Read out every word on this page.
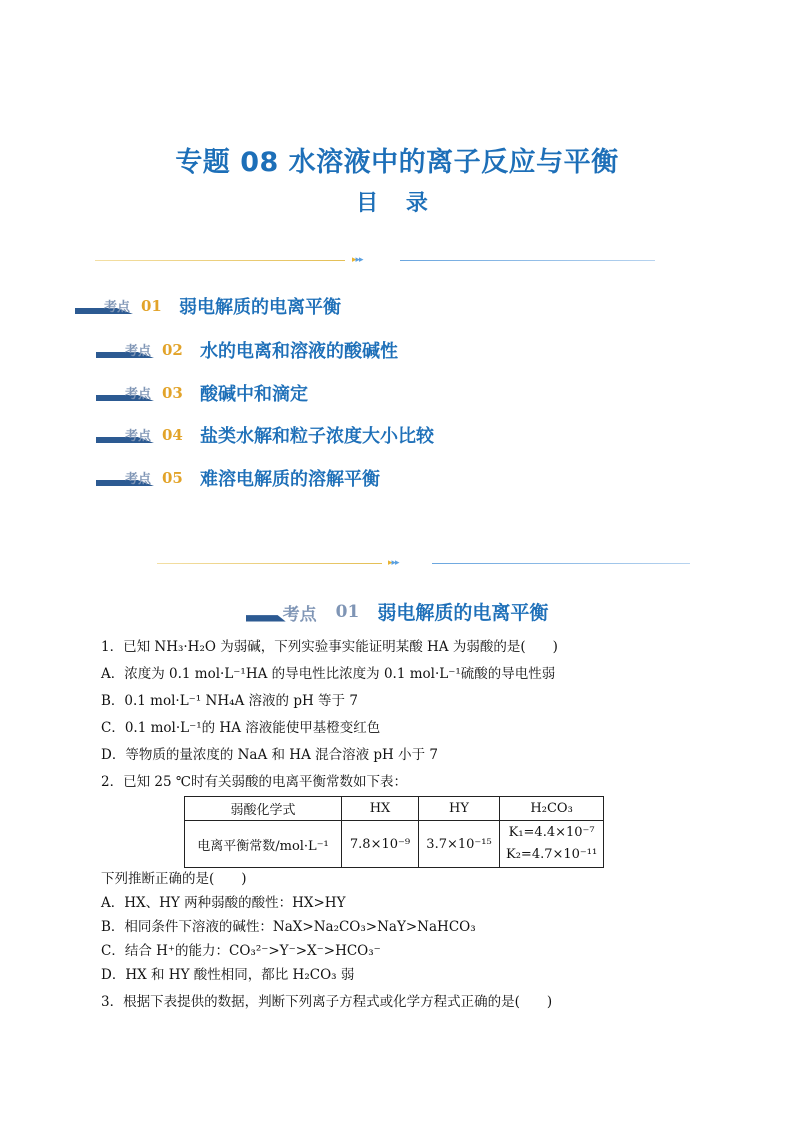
专题 08 水溶液中的离子反应与平衡
目 录
▸▸▸
考点 01 弱电解质的电离平衡
考点 02 水的电离和溶液的酸碱性
考点 03 酸碱中和滴定
考点 04 盐类水解和粒子浓度大小比较
考点 05 难溶电解质的溶解平衡
▸▸▸
考点 01 弱电解质的电离平衡
1．已知 NH₃·H₂O 为弱碱，下列实验事实能证明某酸 HA 为弱酸的是(　　)
A．浓度为 0.1 mol·L⁻¹HA 的导电性比浓度为 0.1 mol·L⁻¹硫酸的导电性弱
B．0.1 mol·L⁻¹ NH₄A 溶液的 pH 等于 7
C．0.1 mol·L⁻¹的 HA 溶液能使甲基橙变红色
D．等物质的量浓度的 NaA 和 HA 混合溶液 pH 小于 7
2．已知 25 ℃时有关弱酸的电离平衡常数如下表：
弱酸化学式	HX	HY	H₂CO₃
电离平衡常数/mol·L⁻¹	7.8×10⁻⁹	3.7×10⁻¹⁵	K₁=4.4×10⁻⁷
K₂=4.7×10⁻¹¹
下列推断正确的是(　　)
A．HX、HY 两种弱酸的酸性：HX>HY
B．相同条件下溶液的碱性：NaX>Na₂CO₃>NaY>NaHCO₃
C．结合 H⁺的能力：CO₃²⁻>Y⁻>X⁻>HCO₃⁻
D．HX 和 HY 酸性相同，都比 H₂CO₃ 弱
3．根据下表提供的数据，判断下列离子方程式或化学方程式正确的是(　　)
